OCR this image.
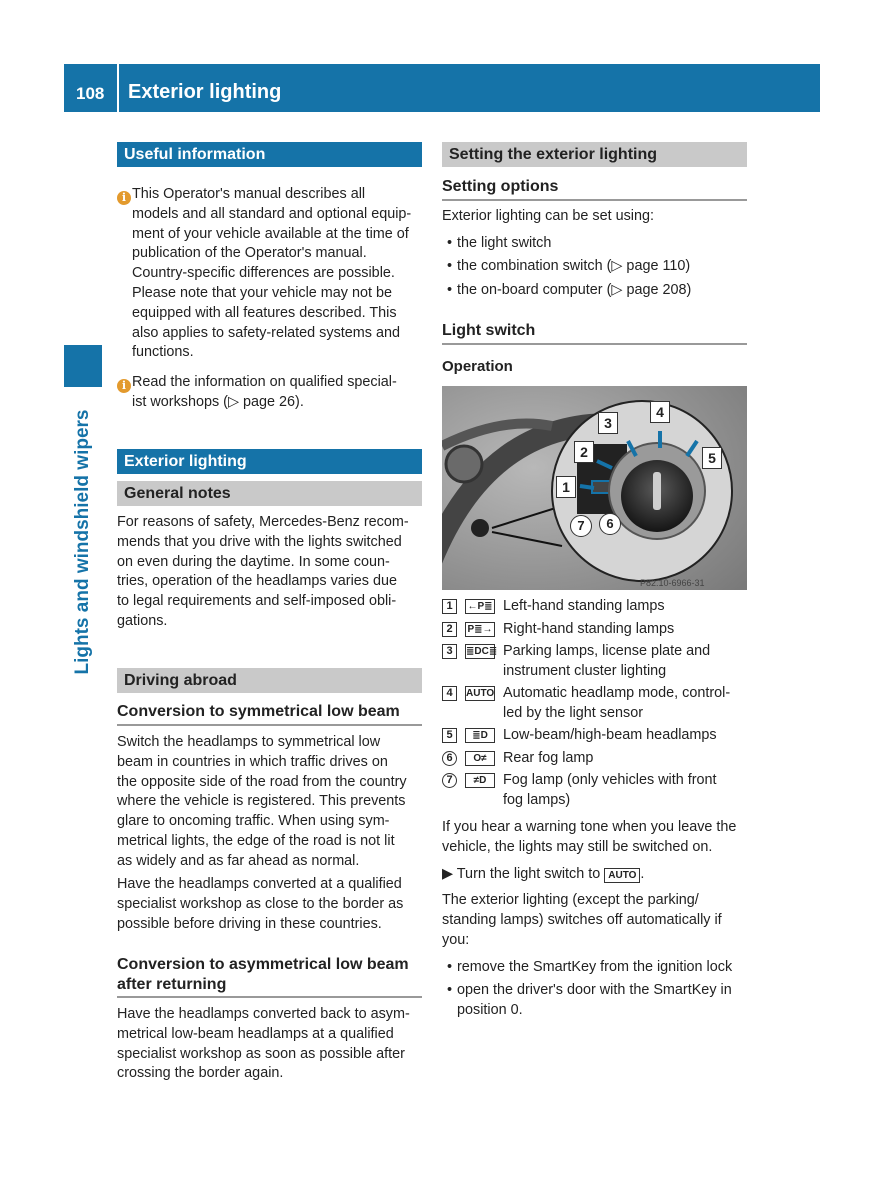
108 Exterior lighting
Lights and windshield wipers
Useful information
i This Operator's manual describes all
models and all standard and optional equip-
ment of your vehicle available at the time of
publication of the Operator's manual.
Country-specific differences are possible.
Please note that your vehicle may not be
equipped with all features described. This
also applies to safety-related systems and
functions.
i Read the information on qualified special-
ist workshops (▷ page 26).
Exterior lighting
General notes
For reasons of safety, Mercedes-Benz recom-
mends that you drive with the lights switched
on even during the daytime. In some coun-
tries, operation of the headlamps varies due
to legal requirements and self-imposed obli-
gations.
Driving abroad
Conversion to symmetrical low beam
Switch the headlamps to symmetrical low
beam in countries in which traffic drives on
the opposite side of the road from the country
where the vehicle is registered. This prevents
glare to oncoming traffic. When using sym-
metrical lights, the edge of the road is not lit
as widely and as far ahead as normal.
Have the headlamps converted at a qualified
specialist workshop as close to the border as
possible before driving in these countries.
Conversion to asymmetrical low beam
after returning
Have the headlamps converted back to asym-
metrical low-beam headlamps at a qualified
specialist workshop as soon as possible after
crossing the border again.
Setting the exterior lighting
Setting options
Exterior lighting can be set using:
• the light switch
• the combination switch (▷ page 110)
• the on-board computer (▷ page 208)
Light switch
Operation
P82.10-6966-31
1
2
3
4
5
6
7
1	←P≣ Left-hand standing lamps
2	P≣→ Right-hand standing lamps
3	≣DC≣ Parking lamps, license plate and
instrument cluster lighting
4	AUTO Automatic headlamp mode, control-
led by the light sensor
5	≣D	Low-beam/high-beam headlamps
6	O≠	Rear fog lamp
7	≠D	Fog lamp (only vehicles with front
fog lamps)
If you hear a warning tone when you leave the
vehicle, the lights may still be switched on.
▶ Turn the light switch to AUTO .
The exterior lighting (except the parking/
standing lamps) switches off automatically if
you:
• remove the SmartKey from the ignition lock
• open the driver's door with the SmartKey in
position 0.
